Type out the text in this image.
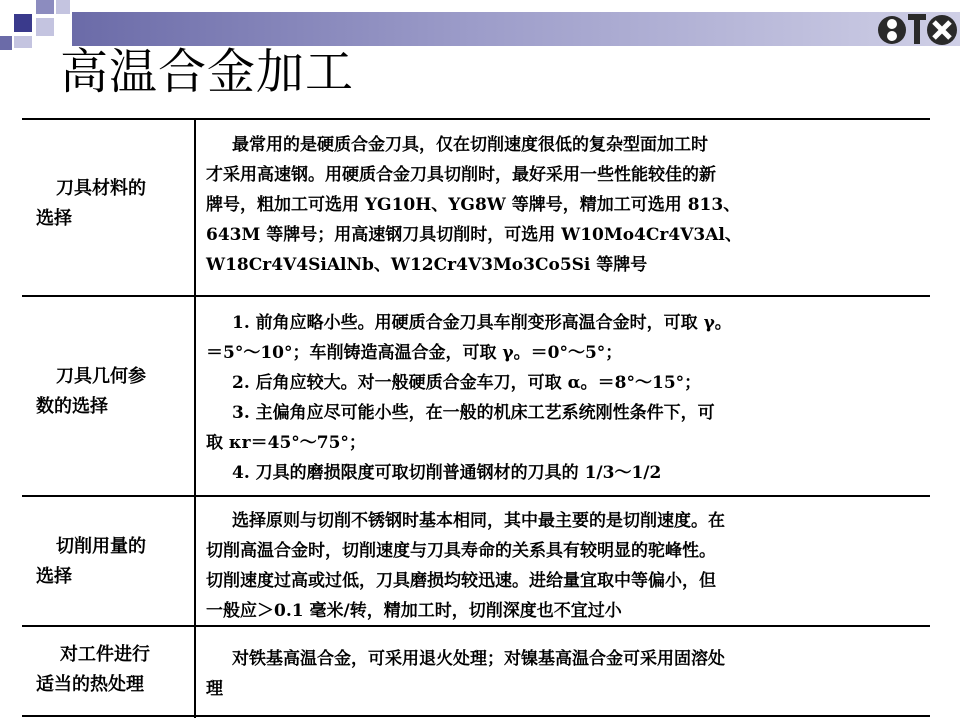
高温合金加工
刀具材料的
选择

最常用的是硬质合金刀具，仅在切削速度很低的复杂型面加工时

才采用高速钢。用硬质合金刀具切削时，最好采用一些性能较佳的新

牌号，粗加工可选用 YG10H、YG8W 等牌号，精加工可选用 813、

643M 等牌号；用高速钢刀具切削时，可选用 W10Mo4Cr4V3Al、

W18Cr4V4SiAlNb、W12Cr4V3Mo3Co5Si 等牌号

刀具几何参
数的选择

1. 前角应略小些。用硬质合金刀具车削变形高温合金时，可取 γ。

＝5°～10°；车削铸造高温合金，可取 γ。＝0°～5°；

2. 后角应较大。对一般硬质合金车刀，可取 α。＝8°～15°；

3. 主偏角应尽可能小些，在一般的机床工艺系统刚性条件下，可

取 κr＝45°～75°；

4. 刀具的磨损限度可取切削普通钢材的刀具的 1/3～1/2

切削用量的
选择

选择原则与切削不锈钢时基本相同，其中最主要的是切削速度。在

切削高温合金时，切削速度与刀具寿命的关系具有较明显的驼峰性。

切削速度过高或过低，刀具磨损均较迅速。进给量宜取中等偏小，但

一般应＞0.1 毫米/转，精加工时，切削深度也不宜过小

对工件进行
适当的热处理

对铁基高温合金，可采用退火处理；对镍基高温合金可采用固溶处

理
